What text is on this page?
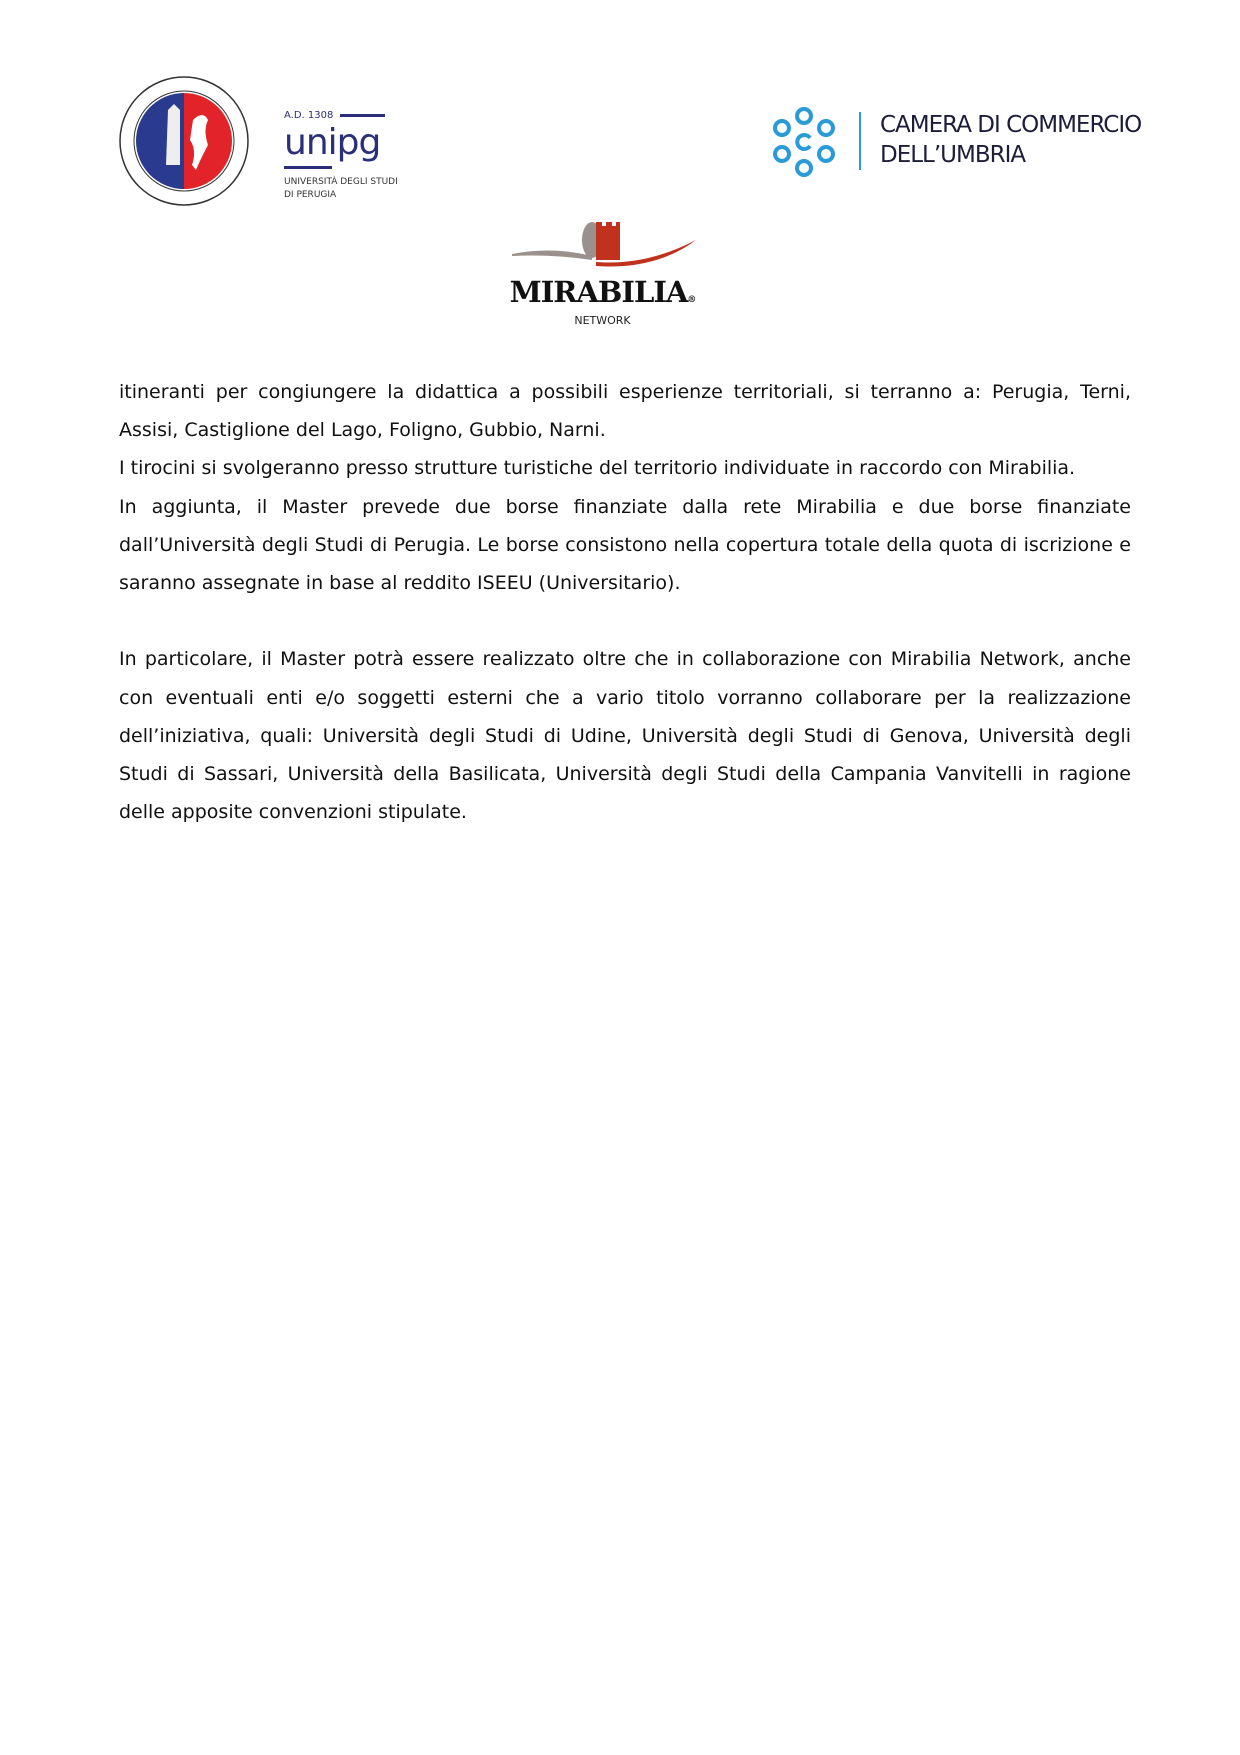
A.D. 1308
unipg
UNIVERSITÀ DEGLI STUDI
DI PERUGIA
CAMERA DI COMMERCIO
DELL’UMBRIA
MIRABILIA®
NETWORK

itineranti per congiungere la didattica a possibili esperienze territoriali, si terranno a: Perugia, Terni, Assisi, Castiglione del Lago, Foligno, Gubbio, Narni.

I tirocini si svolgeranno presso strutture turistiche del territorio individuate in raccordo con Mirabilia.

In aggiunta, il Master prevede due borse finanziate dalla rete Mirabilia e due borse finanziate dall’Università degli Studi di Perugia. Le borse consistono nella copertura totale della quota di iscrizione e saranno assegnate in base al reddito ISEEU (Universitario).

In particolare, il Master potrà essere realizzato oltre che in collaborazione con Mirabilia Network, anche con eventuali enti e/o soggetti esterni che a vario titolo vorranno collaborare per la realizzazione dell’iniziativa, quali: Università degli Studi di Udine, Università degli Studi di Genova, Università degli Studi di Sassari, Università della Basilicata, Università degli Studi della Campania Vanvitelli in ragione delle apposite convenzioni stipulate.
